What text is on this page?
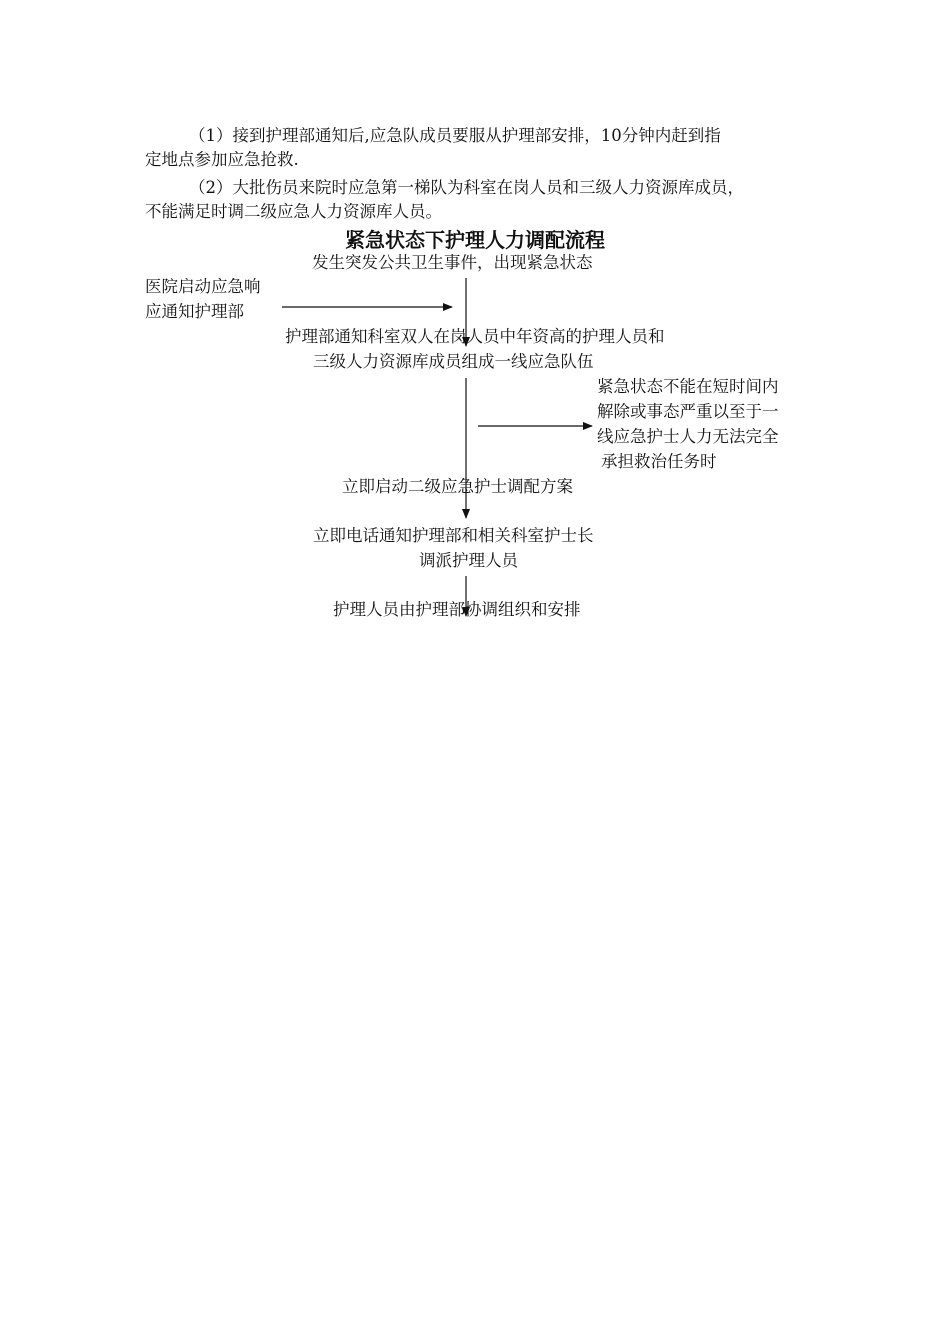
（1）接到护理部通知后,应急队成员要服从护理部安排，10分钟内赶到指
定地点参加应急抢救.

（2）大批伤员来院时应急第一梯队为科室在岗人员和三级人力资源库成员，
不能满足时调二级应急人力资源库人员。

紧急状态下护理人力调配流程
发生突发公共卫生事件，出现紧急状态
医院启动应急响
应通知护理部
护理部通知科室双人在岗人员中年资高的护理人员和
三级人力资源库成员组成一线应急队伍
紧急状态不能在短时间内
解除或事态严重以至于一
线应急护士人力无法完全
承担救治任务时
立即启动二级应急护士调配方案
立即电话通知护理部和相关科室护士长
调派护理人员
护理人员由护理部协调组织和安排
